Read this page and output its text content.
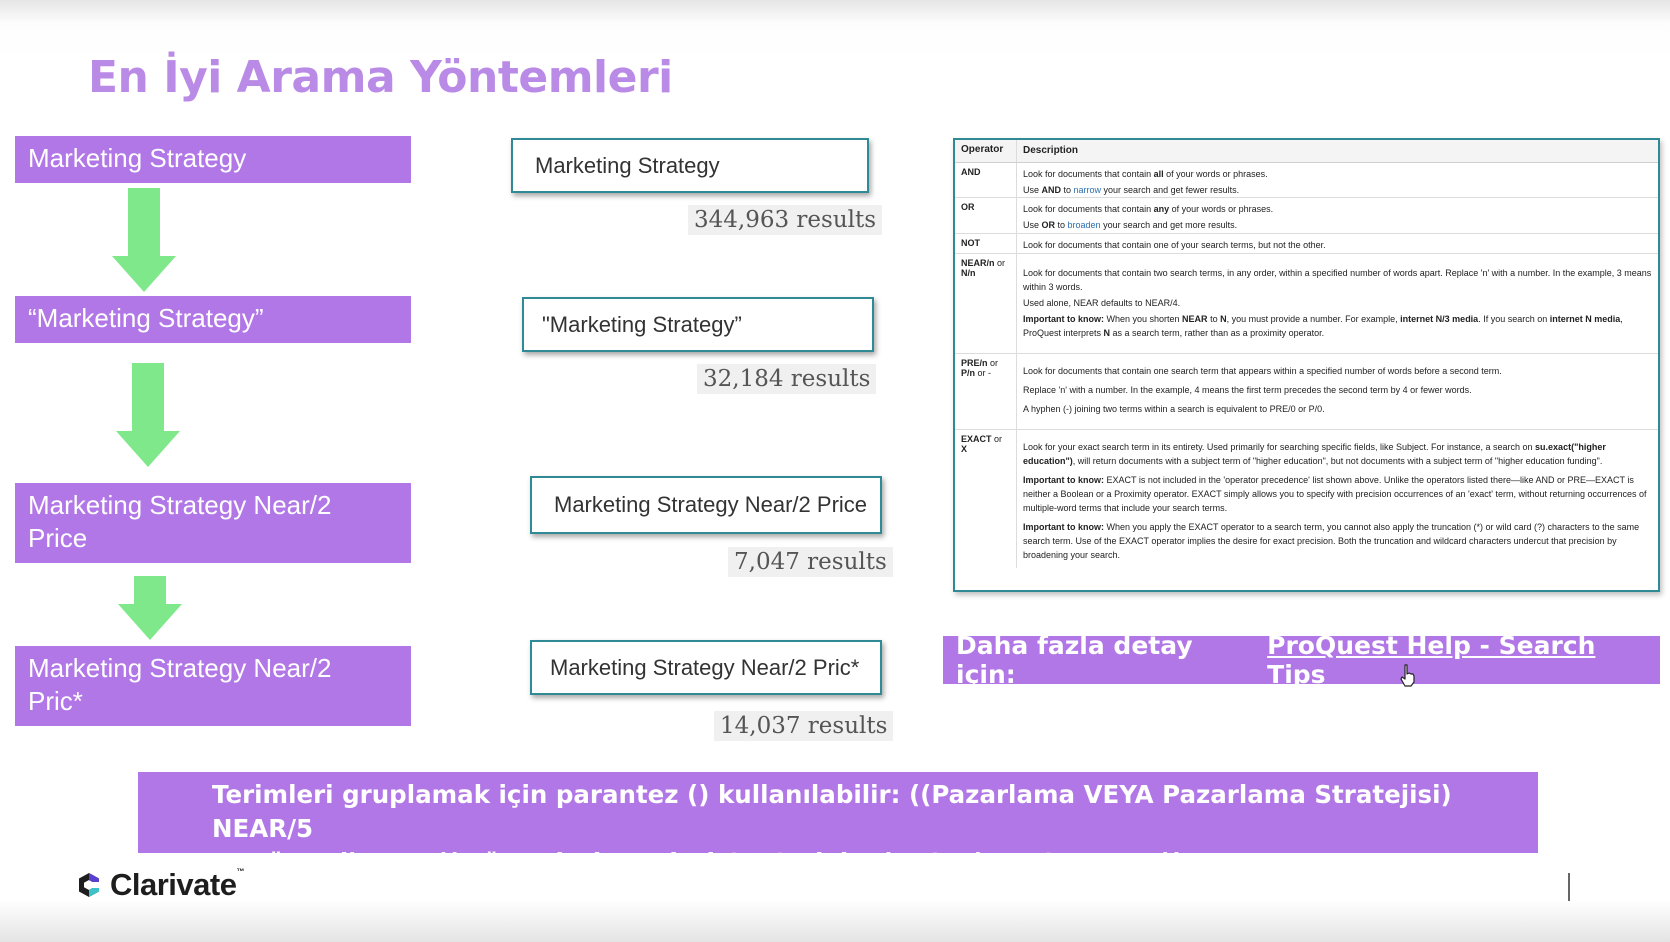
En İyi Arama Yöntemleri
Marketing Strategy
“Marketing Strategy”
Marketing Strategy Near/2
Price
Marketing Strategy Near/2
Pric*
Marketing Strategy
344,963 results
"Marketing Strategy”
32,184 results
Marketing Strategy Near/2 Price
7,047 results
Marketing Strategy Near/2 Pric*
14,037 results
Operator	Description
AND	Look for documents that contain all of your words or phrases.

Use AND to narrow your search and get fewer results.

OR	Look for documents that contain any of your words or phrases.

Use OR to broaden your search and get more results.

NOT	Look for documents that contain one of your search terms, but not the other.

NEAR/n or
N/n	Look for documents that contain two search terms, in any order, within a specified number of words apart. Replace 'n' with a number. In the example, 3 means within 3 words.

Used alone, NEAR defaults to NEAR/4.

Important to know: When you shorten NEAR to N, you must provide a number. For example, internet N/3 media. If you search on internet N media, ProQuest interprets N as a search term, rather than as a proximity operator.

PRE/n or
P/n or -	Look for documents that contain one search term that appears within a specified number of words before a second term.

Replace 'n' with a number. In the example, 4 means the first term precedes the second term by 4 or fewer words.

A hyphen (-) joining two terms within a search is equivalent to PRE/0 or P/0.

EXACT or
X	Look for your exact search term in its entirety. Used primarily for searching specific fields, like Subject. For instance, a search on su.exact("higher education"), will return documents with a subject term of "higher education", but not documents with a subject term of "higher education funding".

Important to know: EXACT is not included in the 'operator precedence' list shown above. Unlike the operators listed there—like AND or PRE—EXACT is neither a Boolean or a Proximity operator. EXACT simply allows you to specify with precision occurrences of an 'exact' term, without returning occurrences of multiple-word terms that include your search terms.

Important to know: When you apply the EXACT operator to a search term, you cannot also apply the truncation (*) or wild card (?) characters to the same search term. Use of the EXACT operator implies the desire for exact precision. Both the truncation and wildcard characters undercut that precision by broadening your search.

Daha fazla detay için:
ProQuest Help - Search Tips
Terimleri gruplamak için parantez () kullanılabilir: ((Pazarlama VEYA Pazarlama Stratejisi) NEAR/5
Müşteri) AND ((Müşteri Hizmetleri OR Sadakat) NOT (Kar OR Zarar))
Clarivate™
